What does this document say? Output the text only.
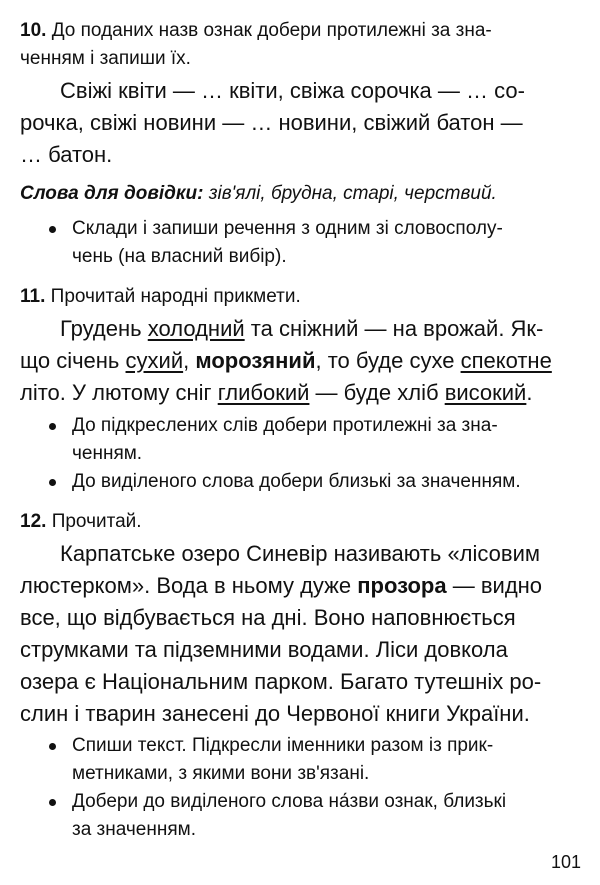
10. До поданих назв ознак добери протилежні за зна-
ченням і запиши їх.
Свіжі квіти — … квіти, свіжа сорочка — … со-
рочка, свіжі новини — … новини, свіжий батон —
… батон.
Слова для довідки: зів'ялі, брудна, старі, черствий.
Склади і запиши речення з одним зі словосполу-
чень (на власний вибір).
11. Прочитай народні прикмети.
Грудень холодний та сніжний — на врожай. Як-
що січень сухий, морозяний, то буде сухе спекотне
літо. У лютому сніг глибокий — буде хліб високий.
До підкреслених слів добери протилежні за зна-
ченням.
До виділеного слова добери близькі за значенням.
12. Прочитай.
Карпатське озеро Синевір називають «лісовим
люстерком». Вода в ньому дуже прозора — видно
все, що відбувається на дні. Воно наповнюється
струмками та підземними водами. Ліси довкола
озера є Національним парком. Багато тутешніх ро-
слин і тварин занесені до Червоної книги України.
Спиши текст. Підкресли іменники разом із прик-
метниками, з якими вони зв'язані.
Добери до виділеного слова на́зви ознак, близькі
за значенням.
101
